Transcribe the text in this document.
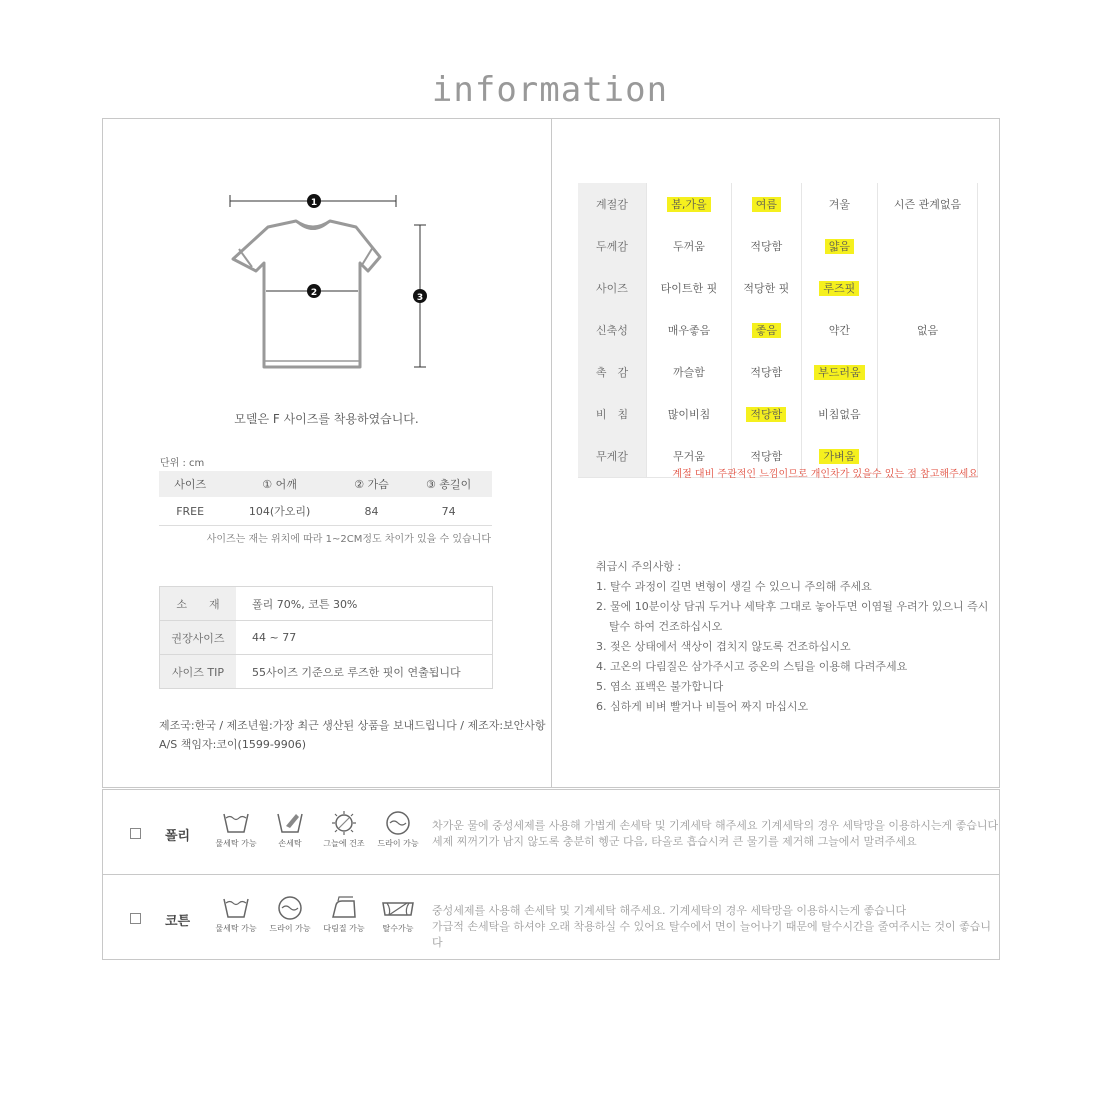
information
1
2	3
모델은 F 사이즈를 착용하였습니다.
단위 : cm
사이즈	① 어깨	② 가슴	③ 총길이
FREE	104(가오리)	84	74
사이즈는 재는 위치에 따라 1~2CM정도 차이가 있을 수 있습니다
소　　재	폴리 70%, 코튼 30%
권장사이즈	44 ~ 77
사이즈 TIP	55사이즈 기준으로 루즈한 핏이 연출됩니다
제조국:한국 / 제조년월:가장 최근 생산된 상품을 보내드립니다 / 제조자:보안사항
A/S 책임자:코이(1599-9906)
계절감	봄,가을	여름	겨울	시즌 관계없음
두께감	두꺼움	적당함	얇음	
사이즈	타이트한 핏	적당한 핏	루즈핏	
신축성	매우좋음	좋음	약간	없음
촉　감	까슬함	적당함	부드러움	
비　침	많이비침	적당함	비침없음	
무게감	무거움	적당함	가벼움	
계절 대비 주관적인 느낌이므로 개인차가 있을수 있는 점 참고해주세요
취급시 주의사항 :
1. 탈수 과정이 길면 변형이 생길 수 있으니 주의해 주세요
2. 물에 10분이상 담궈 두거나 세탁후 그대로 놓아두면 이염될 우려가 있으니 즉시
탈수 하여 건조하십시오
3. 젖은 상태에서 색상이 겹치지 않도록 건조하십시오
4. 고온의 다림질은 삼가주시고 증온의 스팀을 이용해 다려주세요
5. 염소 표백은 불가합니다
6. 심하게 비벼 빨거나 비틀어 짜지 마십시오
폴리	물세탁 가능	손세탁	그늘에 건조	드라이 가능
차가운 물에 중성세제를 사용해 가볍게 손세탁 및 기계세탁 해주세요 기계세탁의 경우 세탁망을 이용하시는게 좋습니다
세제 찌꺼기가 남지 않도록 충분히 헹군 다음, 타올로 흡습시켜 큰 물기를 제거해 그늘에서 말려주세요
코튼	물세탁 가능	드라이 가능	다림질 가능	탈수가능
중성세제를 사용해 손세탁 및 기계세탁 해주세요. 기계세탁의 경우 세탁망을 이용하시는게 좋습니다
가급적 손세탁을 하셔야 오래 착용하실 수 있어요 탈수에서 면이 늘어나기 때문에 탈수시간을 줄여주시는 것이 좋습니다
